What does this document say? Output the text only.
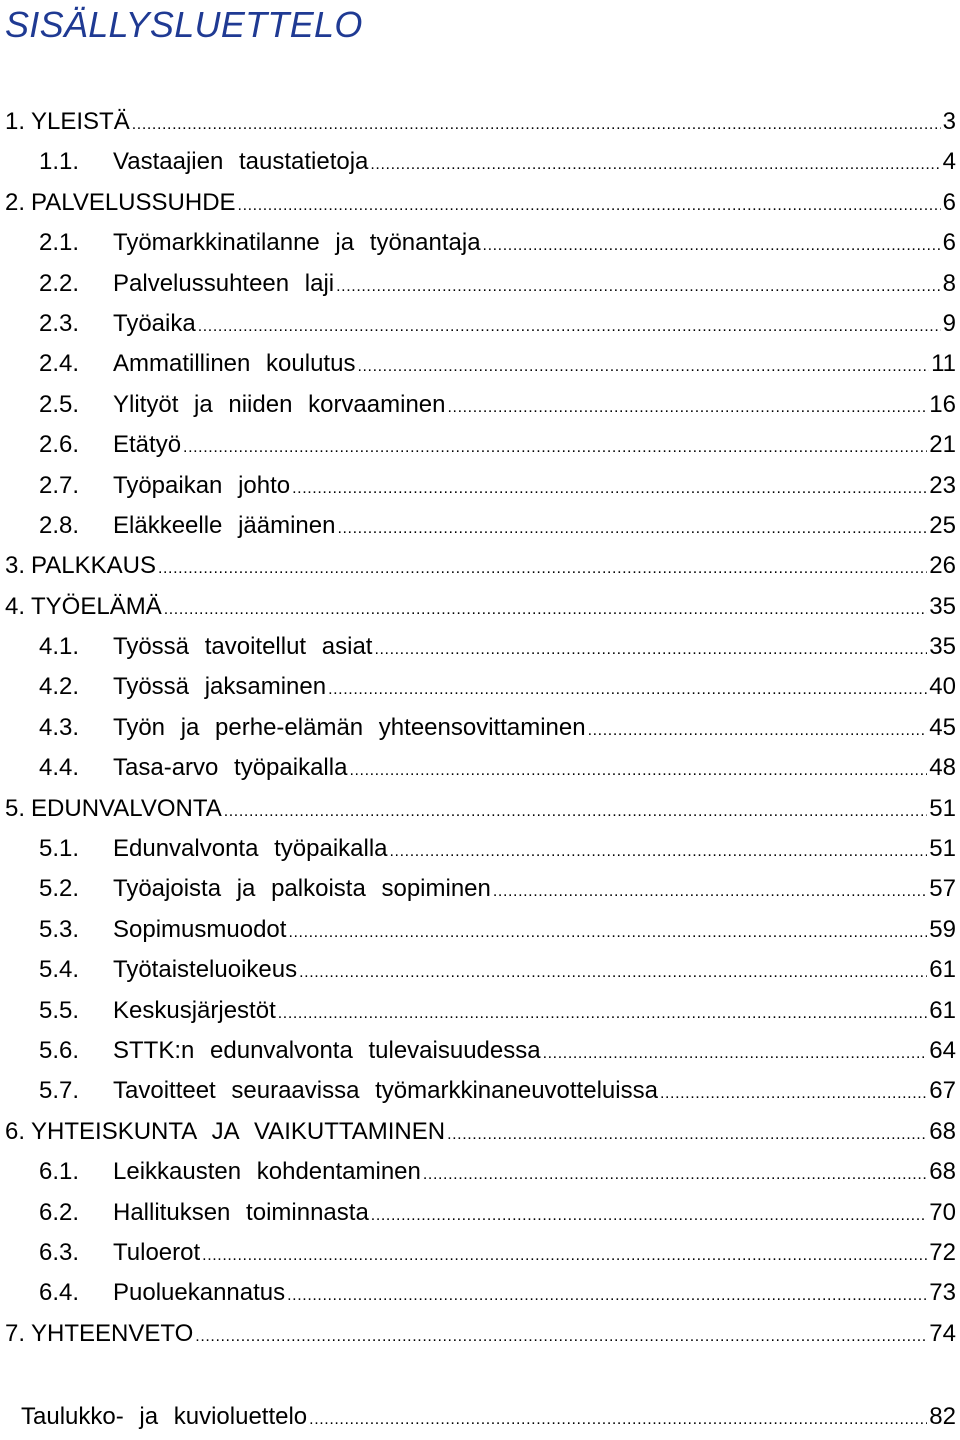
SISÄLLYSLUETTELO
1. YLEISTÄ .....	3
1.1.	Vastaajien taustatietoja .....	4
2. PALVELUSSUHDE .....	6
2.1.	Työmarkkinatilanne ja työnantaja .....	6
2.2.	Palvelussuhteen laji .....	8
2.3.	Työaika .....	9
2.4.	Ammatillinen koulutus .....	11
2.5.	Ylityöt ja niiden korvaaminen .....	16
2.6.	Etätyö .....	21
2.7.	Työpaikan johto .....	23
2.8.	Eläkkeelle jääminen .....	25
3. PALKKAUS .....	26
4. TYÖELÄMÄ .....	35
4.1.	Työssä tavoitellut asiat .....	35
4.2.	Työssä jaksaminen .....	40
4.3.	Työn ja perhe-elämän yhteensovittaminen .....	45
4.4.	Tasa-arvo työpaikalla .....	48
5. EDUNVALVONTA .....	51
5.1.	Edunvalvonta työpaikalla .....	51
5.2.	Työajoista ja palkoista sopiminen .....	57
5.3.	Sopimusmuodot .....	59
5.4.	Työtaisteluoikeus .....	61
5.5.	Keskusjärjestöt .....	61
5.6.	STTK:n edunvalvonta tulevaisuudessa .....	64
5.7.	Tavoitteet seuraavissa työmarkkinaneuvotteluissa .....	67
6. YHTEISKUNTA JA VAIKUTTAMINEN .....	68
6.1.	Leikkausten kohdentaminen .....	68
6.2.	Hallituksen toiminnasta .....	70
6.3.	Tuloerot .....	72
6.4.	Puoluekannatus .....	73
7. YHTEENVETO .....	74
Taulukko- ja kuvioluettelo .....	82
